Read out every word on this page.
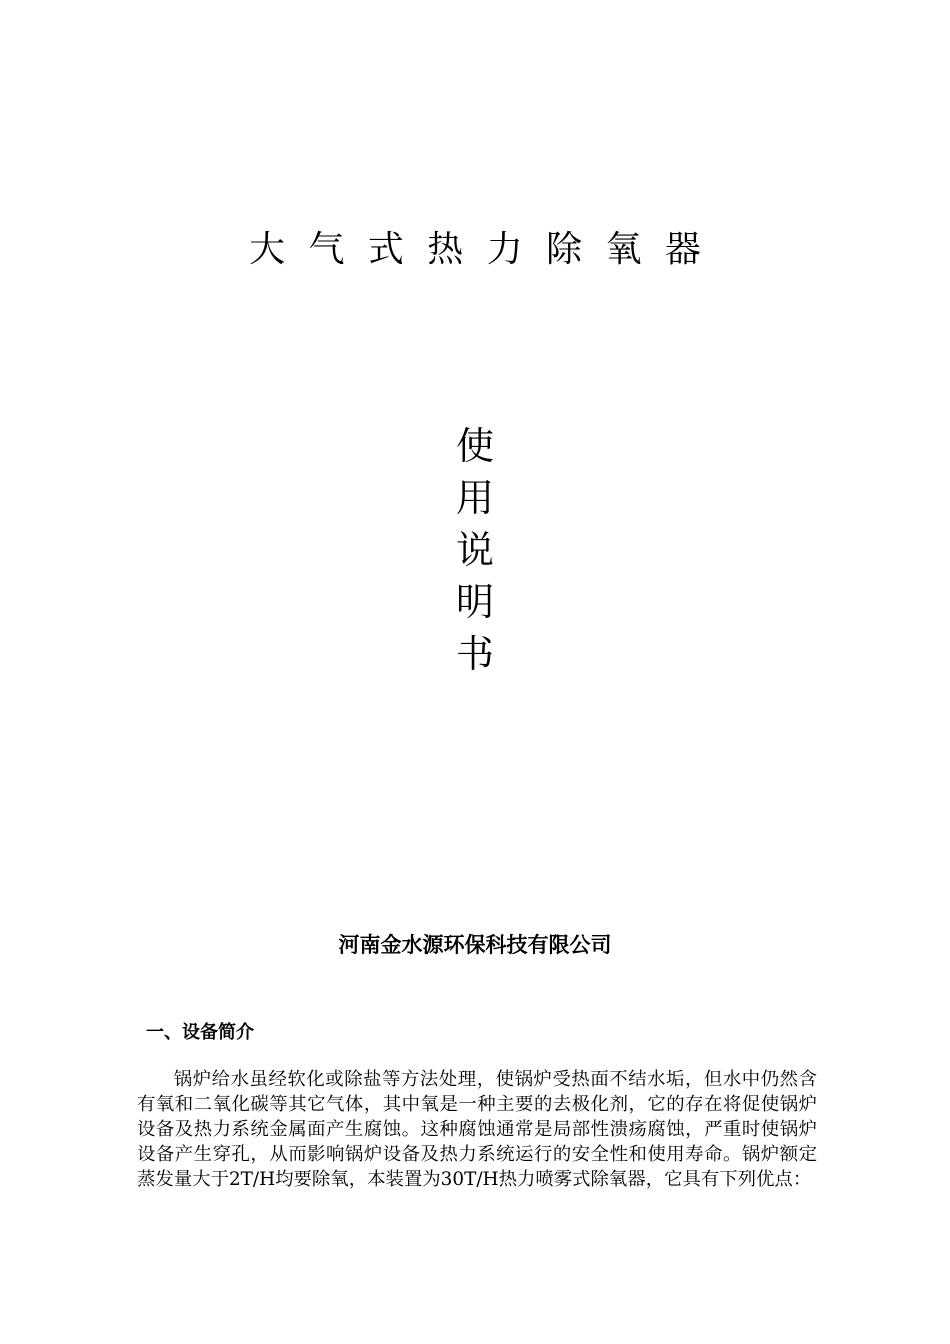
大气式热力除氧器
使
用
说
明
书
河南金水源环保科技有限公司
一、设备简介

锅炉给水虽经软化或除盐等方法处理，使锅炉受热面不结水垢，但水中仍然含有氧和二氧化碳等其它气体，其中氧是一种主要的去极化剂，它的存在将促使锅炉设备及热力系统金属面产生腐蚀。这种腐蚀通常是局部性溃疡腐蚀，严重时使锅炉设备产生穿孔，从而影响锅炉设备及热力系统运行的安全性和使用寿命。锅炉额定蒸发量大于2T/H均要除氧，本装置为30T/H热力喷雾式除氧器，它具有下列优点：
